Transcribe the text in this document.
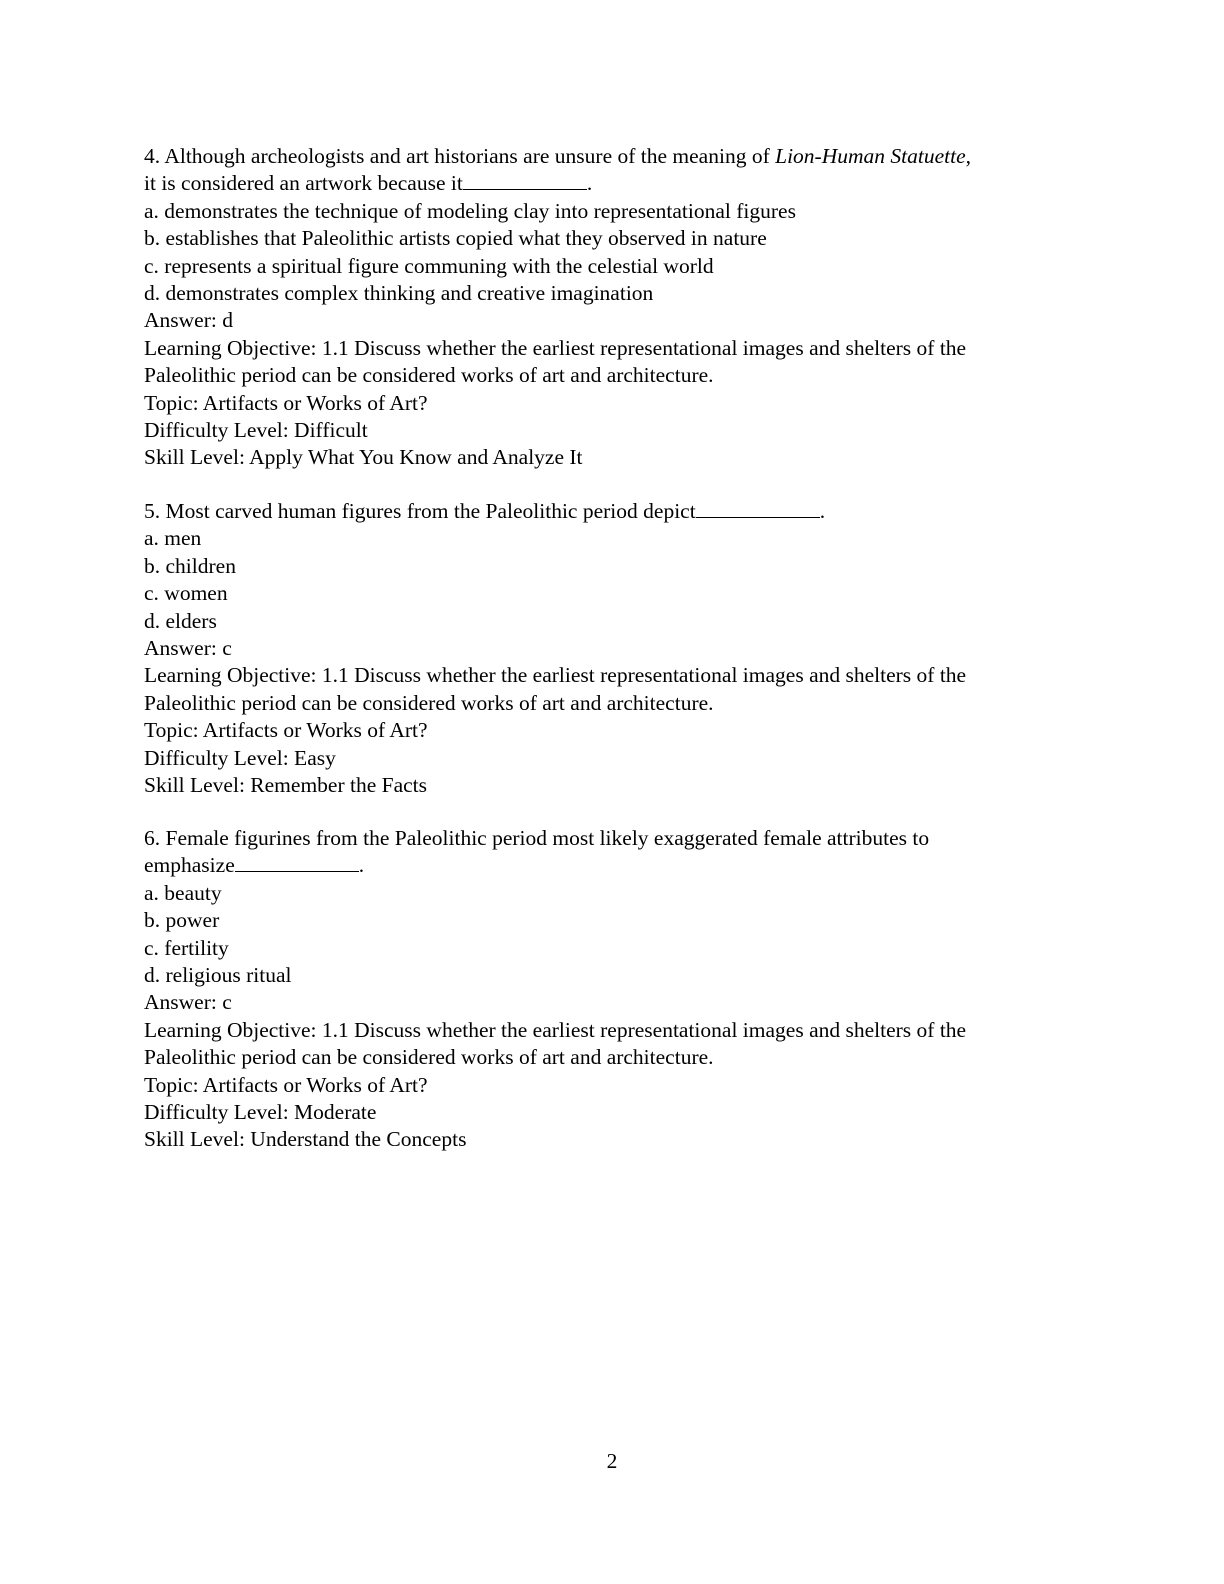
4. Although archeologists and art historians are unsure of the meaning of Lion-Human Statuette,
it is considered an artwork because it	.
a. demonstrates the technique of modeling clay into representational figures
b. establishes that Paleolithic artists copied what they observed in nature
c. represents a spiritual figure communing with the celestial world
d. demonstrates complex thinking and creative imagination
Answer: d
Learning Objective: 1.1 Discuss whether the earliest representational images and shelters of the
Paleolithic period can be considered works of art and architecture.
Topic: Artifacts or Works of Art?
Difficulty Level: Difficult
Skill Level: Apply What You Know and Analyze It
5. Most carved human figures from the Paleolithic period depict	.
a. men
b. children
c. women
d. elders
Answer: c
Learning Objective: 1.1 Discuss whether the earliest representational images and shelters of the
Paleolithic period can be considered works of art and architecture.
Topic: Artifacts or Works of Art?
Difficulty Level: Easy
Skill Level: Remember the Facts
6. Female figurines from the Paleolithic period most likely exaggerated female attributes to
emphasize	.
a. beauty
b. power
c. fertility
d. religious ritual
Answer: c
Learning Objective: 1.1 Discuss whether the earliest representational images and shelters of the
Paleolithic period can be considered works of art and architecture.
Topic: Artifacts or Works of Art?
Difficulty Level: Moderate
Skill Level: Understand the Concepts
2
